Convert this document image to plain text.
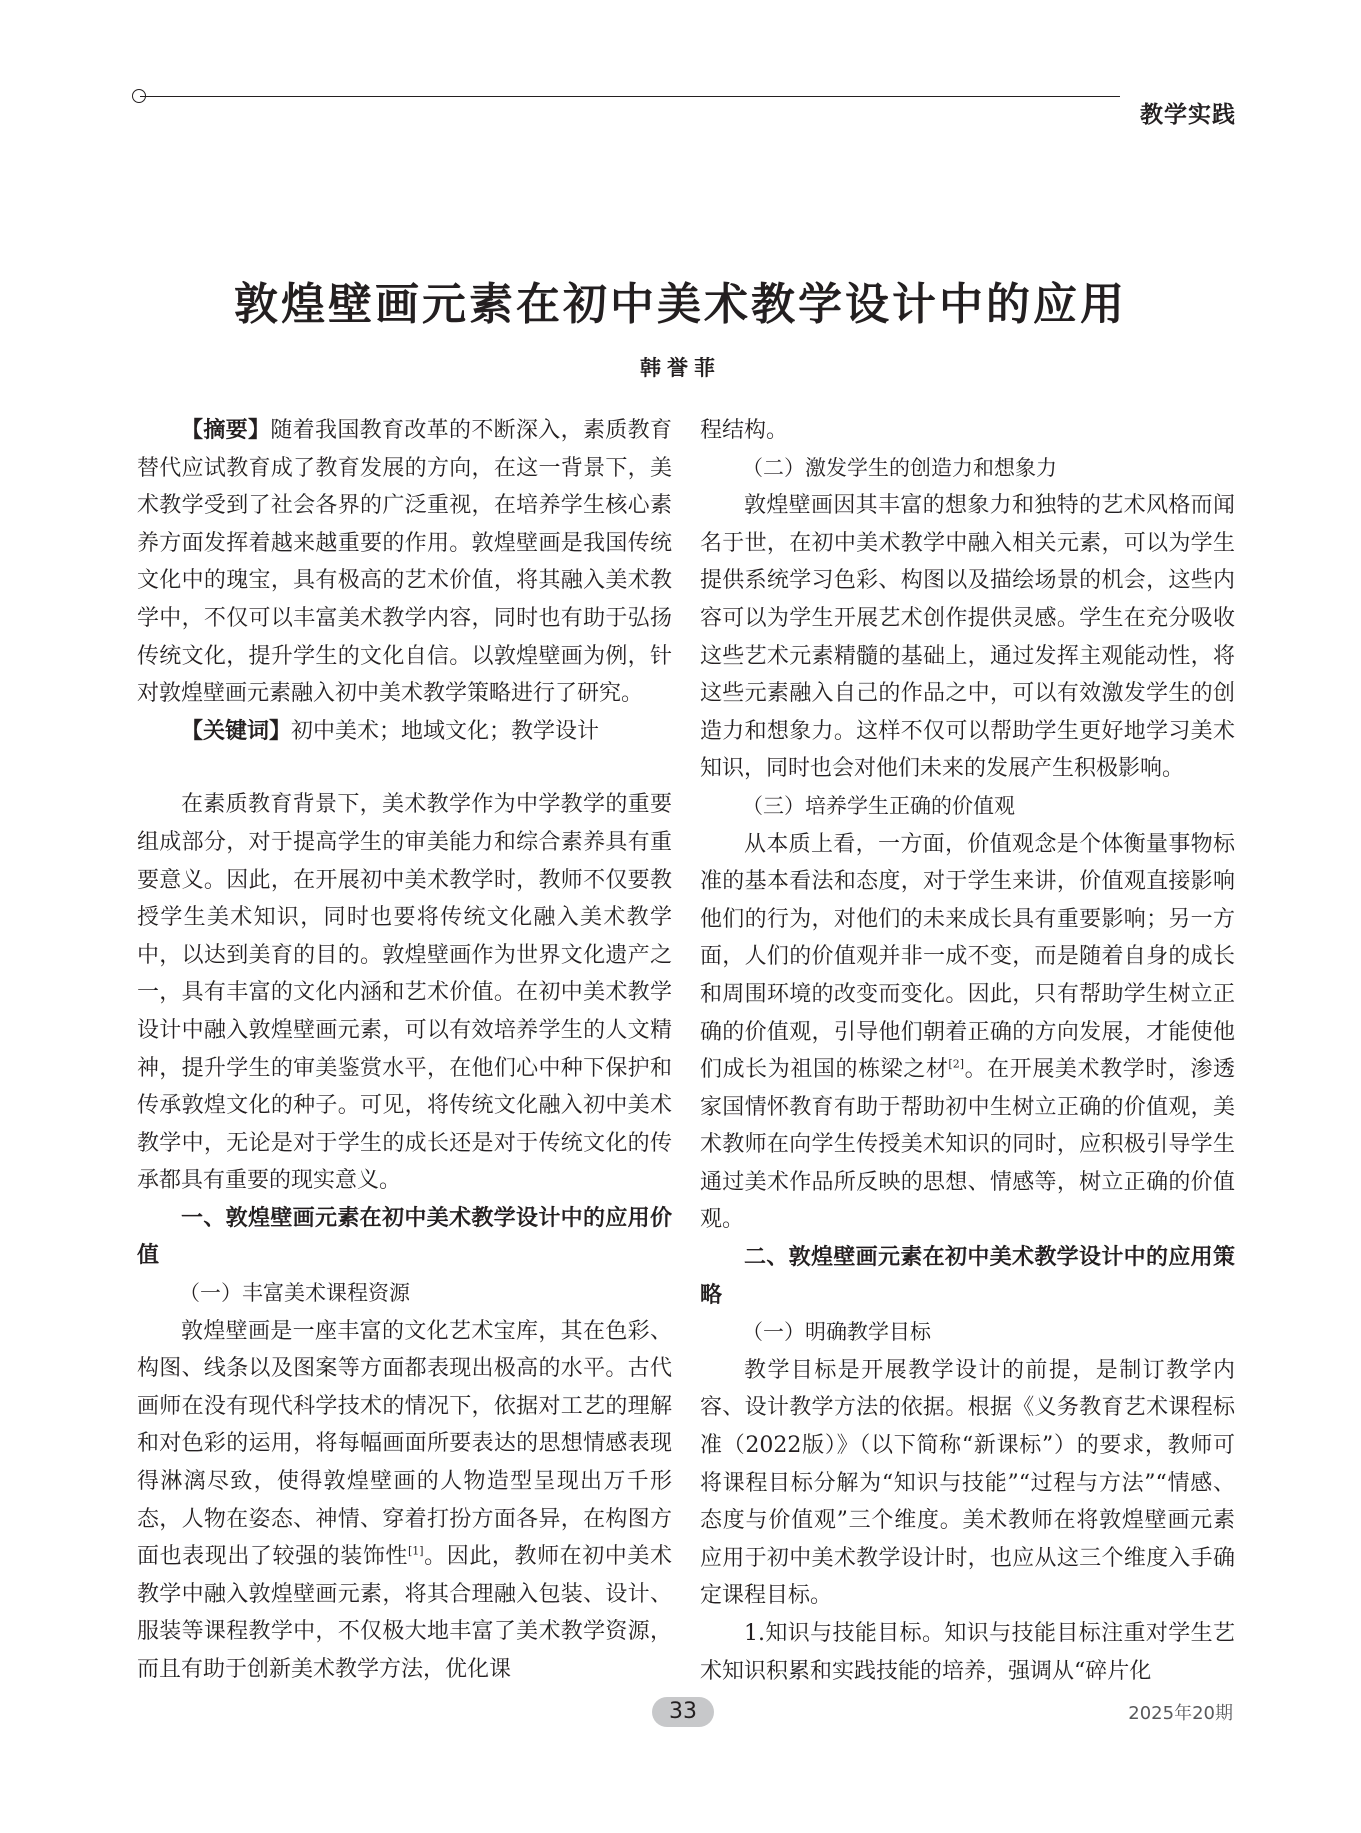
教学实践
敦煌壁画元素在初中美术教学设计中的应用
韩誉菲

【摘要】随着我国教育改革的不断深入，素质教育替代应试教育成了教育发展的方向，在这一背景下，美术教学受到了社会各界的广泛重视，在培养学生核心素养方面发挥着越来越重要的作用。敦煌壁画是我国传统文化中的瑰宝，具有极高的艺术价值，将其融入美术教学中，不仅可以丰富美术教学内容，同时也有助于弘扬传统文化，提升学生的文化自信。以敦煌壁画为例，针对敦煌壁画元素融入初中美术教学策略进行了研究。

【关键词】初中美术；地域文化；教学设计

在素质教育背景下，美术教学作为中学教学的重要组成部分，对于提高学生的审美能力和综合素养具有重要意义。因此，在开展初中美术教学时，教师不仅要教授学生美术知识，同时也要将传统文化融入美术教学中，以达到美育的目的。敦煌壁画作为世界文化遗产之一，具有丰富的文化内涵和艺术价值。在初中美术教学设计中融入敦煌壁画元素，可以有效培养学生的人文精神，提升学生的审美鉴赏水平，在他们心中种下保护和传承敦煌文化的种子。可见，将传统文化融入初中美术教学中，无论是对于学生的成长还是对于传统文化的传承都具有重要的现实意义。

一、敦煌壁画元素在初中美术教学设计中的应用价值

（一）丰富美术课程资源

敦煌壁画是一座丰富的文化艺术宝库，其在色彩、构图、线条以及图案等方面都表现出极高的水平。古代画师在没有现代科学技术的情况下，依据对工艺的理解和对色彩的运用，将每幅画面所要表达的思想情感表现得淋漓尽致，使得敦煌壁画的人物造型呈现出万千形态，人物在姿态、神情、穿着打扮方面各异，在构图方面也表现出了较强的装饰性[1]。因此，教师在初中美术教学中融入敦煌壁画元素，将其合理融入包装、设计、服装等课程教学中，不仅极大地丰富了美术教学资源，而且有助于创新美术教学方法，优化课

程结构。

（二）激发学生的创造力和想象力

敦煌壁画因其丰富的想象力和独特的艺术风格而闻名于世，在初中美术教学中融入相关元素，可以为学生提供系统学习色彩、构图以及描绘场景的机会，这些内容可以为学生开展艺术创作提供灵感。学生在充分吸收这些艺术元素精髓的基础上，通过发挥主观能动性，将这些元素融入自己的作品之中，可以有效激发学生的创造力和想象力。这样不仅可以帮助学生更好地学习美术知识，同时也会对他们未来的发展产生积极影响。

（三）培养学生正确的价值观

从本质上看，一方面，价值观念是个体衡量事物标准的基本看法和态度，对于学生来讲，价值观直接影响他们的行为，对他们的未来成长具有重要影响；另一方面，人们的价值观并非一成不变，而是随着自身的成长和周围环境的改变而变化。因此，只有帮助学生树立正确的价值观，引导他们朝着正确的方向发展，才能使他们成长为祖国的栋梁之材[2]。在开展美术教学时，渗透家国情怀教育有助于帮助初中生树立正确的价值观，美术教师在向学生传授美术知识的同时，应积极引导学生通过美术作品所反映的思想、情感等，树立正确的价值观。

二、敦煌壁画元素在初中美术教学设计中的应用策略

（一）明确教学目标

教学目标是开展教学设计的前提，是制订教学内容、设计教学方法的依据。根据《义务教育艺术课程标准（2022版）》（以下简称“新课标”）的要求，教师可将课程目标分解为“知识与技能”“过程与方法”“情感、态度与价值观”三个维度。美术教师在将敦煌壁画元素应用于初中美术教学设计时，也应从这三个维度入手确定课程目标。

1.知识与技能目标。知识与技能目标注重对学生艺术知识积累和实践技能的培养，强调从“碎片化

33	2025年20期
